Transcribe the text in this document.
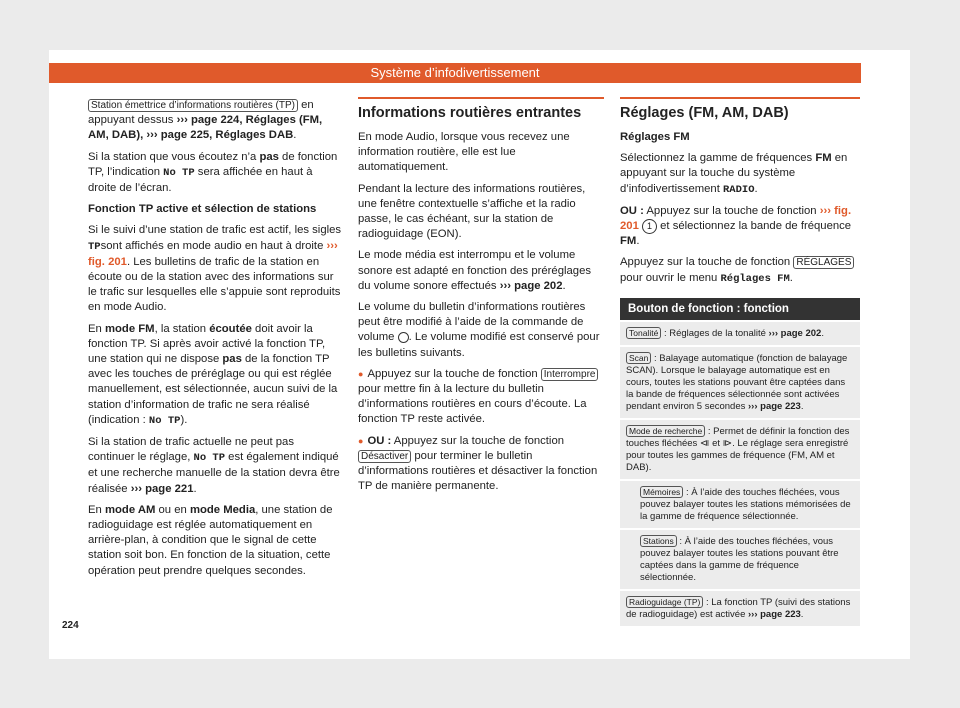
Système d’infodivertissement

Station émettrice d’informations routières (TP) en appuyant dessus ››› page 224, Réglages (FM, AM, DAB), ››› page 225, Réglages DAB.

Si la station que vous écoutez n’a pas de fonction TP, l’indication No TP sera affichée en haut à droite de l’écran.

Fonction TP active et sélection de stations

Si le suivi d’une station de trafic est actif, les sigles TPsont affichés en mode audio en haut à droite ››› fig. 201. Les bulletins de trafic de la station en écoute ou de la station avec des informations sur le trafic sur lesquelles elle s’appuie sont reproduits en mode Audio.

En mode FM, la station écoutée doit avoir la fonction TP. Si après avoir activé la fonction TP, une station qui ne dispose pas de la fonction TP avec les touches de préréglage ou qui est réglée manuellement, est sélectionnée, aucun suivi de la station d’information de trafic ne sera réalisé (indication : No TP).

Si la station de trafic actuelle ne peut pas continuer le réglage, No TP est également indiqué et une recherche manuelle de la station devra être réalisée ››› page 221.

En mode AM ou en mode Media, une station de radioguidage est réglée automatiquement en arrière-plan, à condition que le signal de cette station soit bon. En fonction de la situation, cette opération peut prendre quelques secondes.

Informations routières entrantes

En mode Audio, lorsque vous recevez une information routière, elle est lue automatiquement.

Pendant la lecture des informations routières, une fenêtre contextuelle s’affiche et la radio passe, le cas échéant, sur la station de radioguidage (EON).

Le mode média est interrompu et le volume sonore est adapté en fonction des préréglages du volume sonore effectués ››› page 202.

Le volume du bulletin d’informations routières peut être modifié à l’aide de la commande de volume . Le volume modifié est conservé pour les bulletins suivants.

● Appuyez sur la touche de fonction Interrompre pour mettre fin à la lecture du bulletin d’informations routières en cours d’écoute. La fonction TP reste activée.

● OU : Appuyez sur la touche de fonction Désactiver pour terminer le bulletin d’informations routières et désactiver la fonction TP de manière permanente.

Réglages (FM, AM, DAB)

Réglages FM

Sélectionnez la gamme de fréquences FM en appuyant sur la touche du système d’infodivertissement RADIO.

OU : Appuyez sur la touche de fonction ››› fig. 201 1 et sélectionnez la bande de fréquence FM.

Appuyez sur la touche de fonction RÉGLAGES pour ouvrir le menu Réglages FM.

Bouton de fonction : fonction
Tonalité : Réglages de la tonalité ››› page 202.
Scan : Balayage automatique (fonction de balayage SCAN). Lorsque le balayage automatique est en cours, toutes les stations pouvant être captées dans la bande de fréquences sélectionnée sont activées pendant environ 5 secondes ››› page 223.
Mode de recherche : Permet de définir la fonction des touches fléchées ⧏ et ⧐. Le réglage sera enregistré pour toutes les gammes de fréquence (FM, AM et DAB).
Mémoires : À l’aide des touches fléchées, vous pouvez balayer toutes les stations mémorisées de la gamme de fréquence sélectionnée.
Stations : À l’aide des touches fléchées, vous pouvez balayer toutes les stations pouvant être captées dans la gamme de fréquence sélectionnée.
Radioguidage (TP) : La fonction TP (suivi des stations de radioguidage) est activée ››› page 223.
224
